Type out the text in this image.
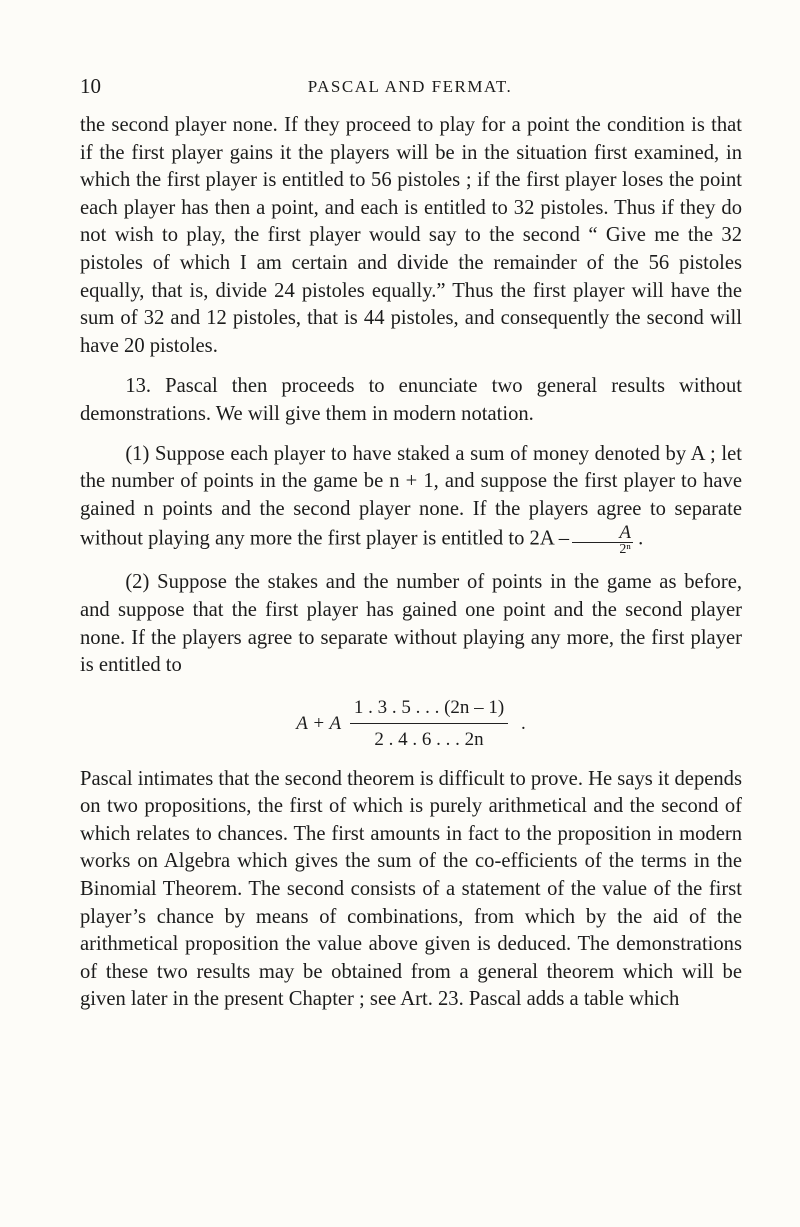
10	PASCAL AND FERMAT.

the second player none. If they proceed to play for a point the condition is that if the first player gains it the players will be in the situation first examined, in which the first player is entitled to 56 pistoles ; if the first player loses the point each player has then a point, and each is entitled to 32 pistoles. Thus if they do not wish to play, the first player would say to the second “ Give me the 32 pistoles of which I am certain and divide the remainder of the 56 pistoles equally, that is, divide 24 pistoles equally.” Thus the first player will have the sum of 32 and 12 pistoles, that is 44 pistoles, and consequently the second will have 20 pistoles.

13. Pascal then proceeds to enunciate two general results without demonstrations. We will give them in modern notation.

(1) Suppose each player to have staked a sum of money denoted by A ; let the number of points in the game be n + 1, and suppose the first player to have gained n points and the second player none. If the players agree to separate without playing any more the first player is entitled to $2A - \frac{A}{\text{2ⁿ}}$ .

(2) Suppose the stakes and the number of points in the game as before, and suppose that the first player has gained one point and the second player none. If the players agree to separate without playing any more, the first player is entitled to

A + A $\frac{1 . 3 . 5 . . . (2n - 1)}{2 . 4 . 6 . . . 2n}$ .

Pascal intimates that the second theorem is difficult to prove. He says it depends on two propositions, the first of which is purely arithmetical and the second of which relates to chances. The first amounts in fact to the proposition in modern works on Algebra which gives the sum of the co-efficients of the terms in the Binomial Theorem. The second consists of a statement of the value of the first player’s chance by means of combinations, from which by the aid of the arithmetical proposition the value above given is deduced. The demonstrations of these two results may be obtained from a general theorem which will be given later in the present Chapter ; see Art. 23. Pascal adds a table which
